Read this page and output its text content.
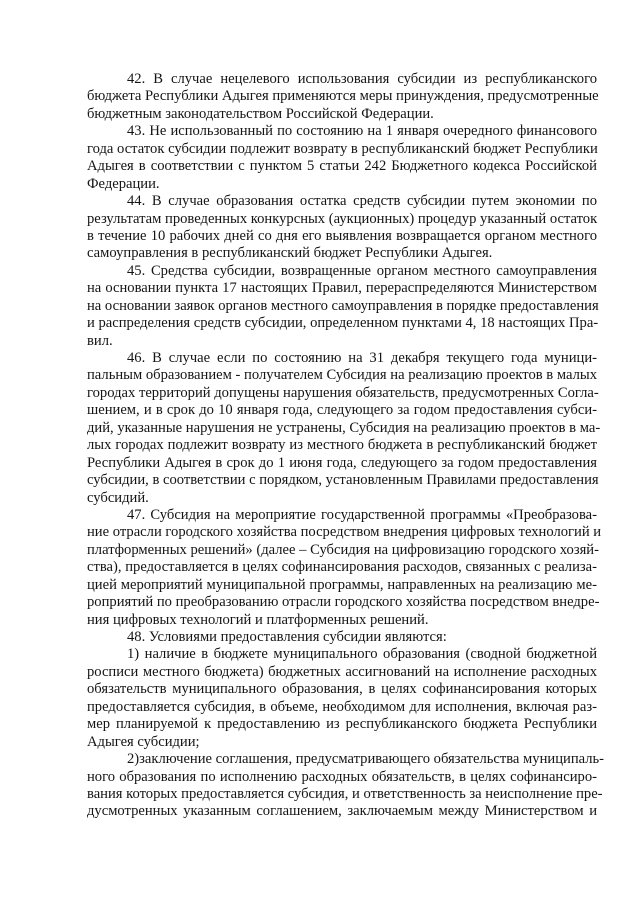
42. В случае нецелевого использования субсидии из республиканского
бюджета Республики Адыгея применяются меры принуждения, предусмотренные
бюджетным законодательством Российской Федерации.
43. Не использованный по состоянию на 1 января очередного финансового
года остаток субсидии подлежит возврату в республиканский бюджет Республики
Адыгея в соответствии с пунктом 5 статьи 242 Бюджетного кодекса Российской
Федерации.
44. В случае образования остатка средств субсидии путем экономии по
результатам проведенных конкурсных (аукционных) процедур указанный остаток
в течение 10 рабочих дней со дня его выявления возвращается органом местного
самоуправления в республиканский бюджет Республики Адыгея.
45. Средства субсидии, возвращенные органом местного самоуправления
на основании пункта 17 настоящих Правил, перераспределяются Министерством
на основании заявок органов местного самоуправления в порядке предоставления
и распределения средств субсидии, определенном пунктами 4, 18 настоящих Пра-
вил.
46. В случае если по состоянию на 31 декабря текущего года муници-
пальным образованием - получателем Субсидия на реализацию проектов в малых
городах территорий допущены нарушения обязательств, предусмотренных Согла-
шением, и в срок до 10 января года, следующего за годом предоставления субси-
дий, указанные нарушения не устранены, Субсидия на реализацию проектов в ма-
лых городах подлежит возврату из местного бюджета в республиканский бюджет
Республики Адыгея в срок до 1 июня года, следующего за годом предоставления
субсидии, в соответствии с порядком, установленным Правилами предоставления
субсидий.
47. Субсидия на мероприятие государственной программы «Преобразова-
ние отрасли городского хозяйства посредством внедрения цифровых технологий и
платформенных решений» (далее – Субсидия на цифровизацию городского хозяй-
ства), предоставляется в целях софинансирования расходов, связанных с реализа-
цией мероприятий муниципальной программы, направленных на реализацию ме-
роприятий по преобразованию отрасли городского хозяйства посредством внедре-
ния цифровых технологий и платформенных решений.
48. Условиями предоставления субсидии являются:
1) наличие в бюджете муниципального образования (сводной бюджетной
росписи местного бюджета) бюджетных ассигнований на исполнение расходных
обязательств муниципального образования, в целях софинансирования которых
предоставляется субсидия, в объеме, необходимом для исполнения, включая раз-
мер планируемой к предоставлению из республиканского бюджета Республики
Адыгея субсидии;
2)заключение соглашения, предусматривающего обязательства муниципаль-
ного образования по исполнению расходных обязательств, в целях софинансиро-
вания которых предоставляется субсидия, и ответственность за неисполнение пре-
дусмотренных указанным соглашением, заключаемым между Министерством и
